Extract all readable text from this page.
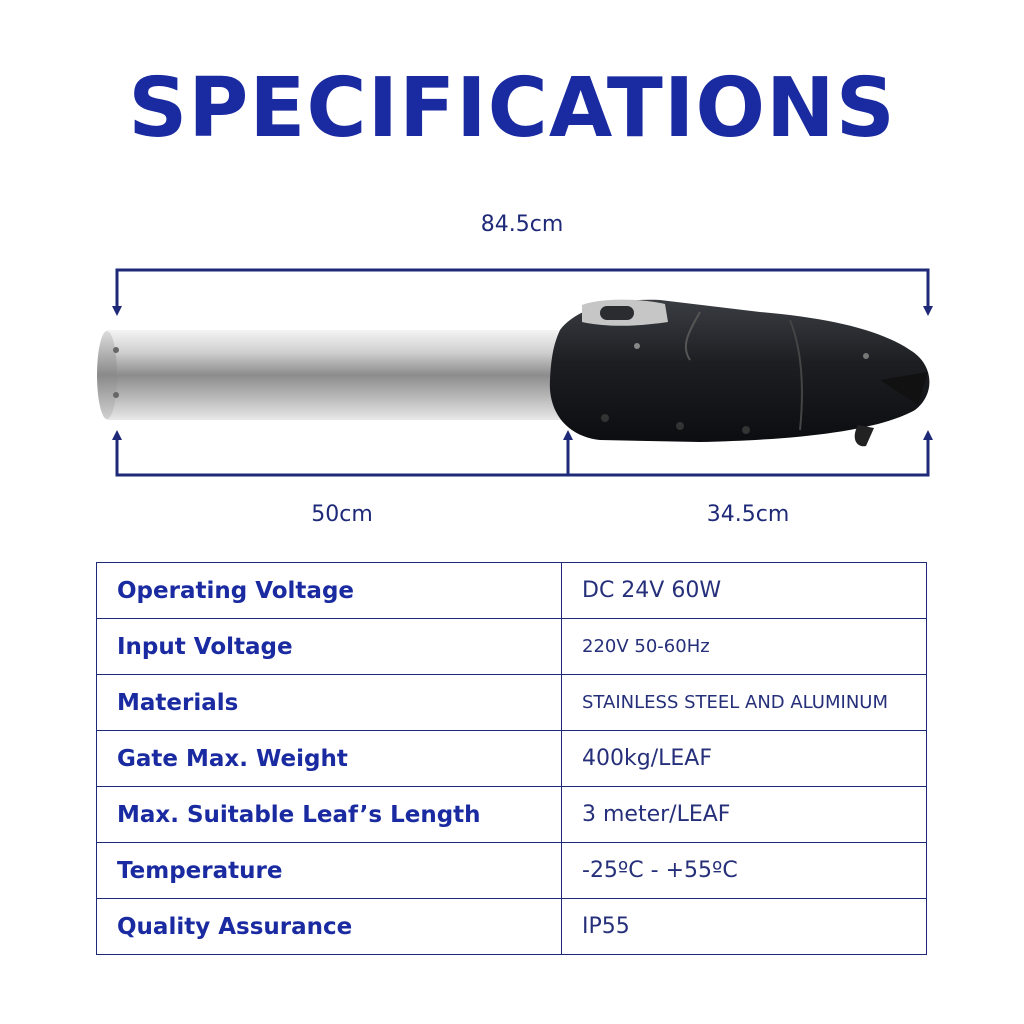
SPECIFICATIONS
84.5cm
50cm	34.5cm
Operating Voltage	DC 24V 60W
Input Voltage	220V 50-60Hz
Materials	STAINLESS STEEL AND ALUMINUM
Gate Max. Weight	400kg/LEAF
Max. Suitable Leaf’s Length	3 meter/LEAF
Temperature	-25ºC - +55ºC
Quality Assurance	IP55
